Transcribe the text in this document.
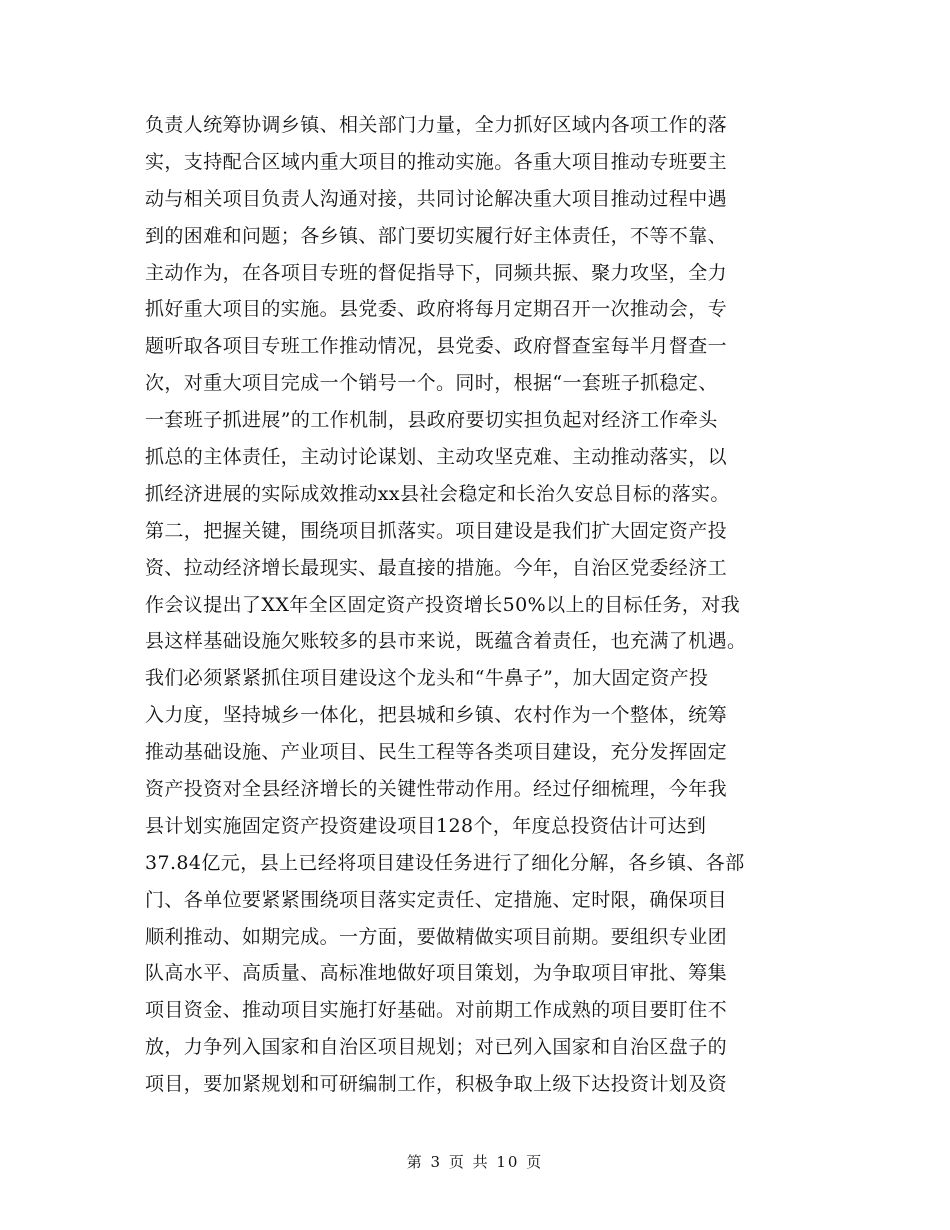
负责人统筹协调乡镇、相关部门力量，全力抓好区域内各项工作的落
实，支持配合区域内重大项目的推动实施。各重大项目推动专班要主
动与相关项目负责人沟通对接，共同讨论解决重大项目推动过程中遇
到的困难和问题；各乡镇、部门要切实履行好主体责任，不等不靠、
主动作为，在各项目专班的督促指导下，同频共振、聚力攻坚，全力
抓好重大项目的实施。县党委、政府将每月定期召开一次推动会，专
题听取各项目专班工作推动情况，县党委、政府督查室每半月督查一
次，对重大项目完成一个销号一个。同时，根据“一套班子抓稳定、
一套班子抓进展”的工作机制，县政府要切实担负起对经济工作牵头
抓总的主体责任，主动讨论谋划、主动攻坚克难、主动推动落实，以
抓经济进展的实际成效推动xx县社会稳定和长治久安总目标的落实。
第二，把握关键，围绕项目抓落实。项目建设是我们扩大固定资产投
资、拉动经济增长最现实、最直接的措施。今年，自治区党委经济工
作会议提出了XX年全区固定资产投资增长50%以上的目标任务，对我
县这样基础设施欠账较多的县市来说，既蕴含着责任，也充满了机遇。
我们必须紧紧抓住项目建设这个龙头和“牛鼻子”，加大固定资产投
入力度，坚持城乡一体化，把县城和乡镇、农村作为一个整体，统筹
推动基础设施、产业项目、民生工程等各类项目建设，充分发挥固定
资产投资对全县经济增长的关键性带动作用。经过仔细梳理，今年我
县计划实施固定资产投资建设项目128个，年度总投资估计可达到
37.84亿元，县上已经将项目建设任务进行了细化分解，各乡镇、各部
门、各单位要紧紧围绕项目落实定责任、定措施、定时限，确保项目
顺利推动、如期完成。一方面，要做精做实项目前期。要组织专业团
队高水平、高质量、高标准地做好项目策划，为争取项目审批、筹集
项目资金、推动项目实施打好基础。对前期工作成熟的项目要盯住不
放，力争列入国家和自治区项目规划；对已列入国家和自治区盘子的
项目，要加紧规划和可研编制工作，积极争取上级下达投资计划及资
第 3 页 共 10 页
